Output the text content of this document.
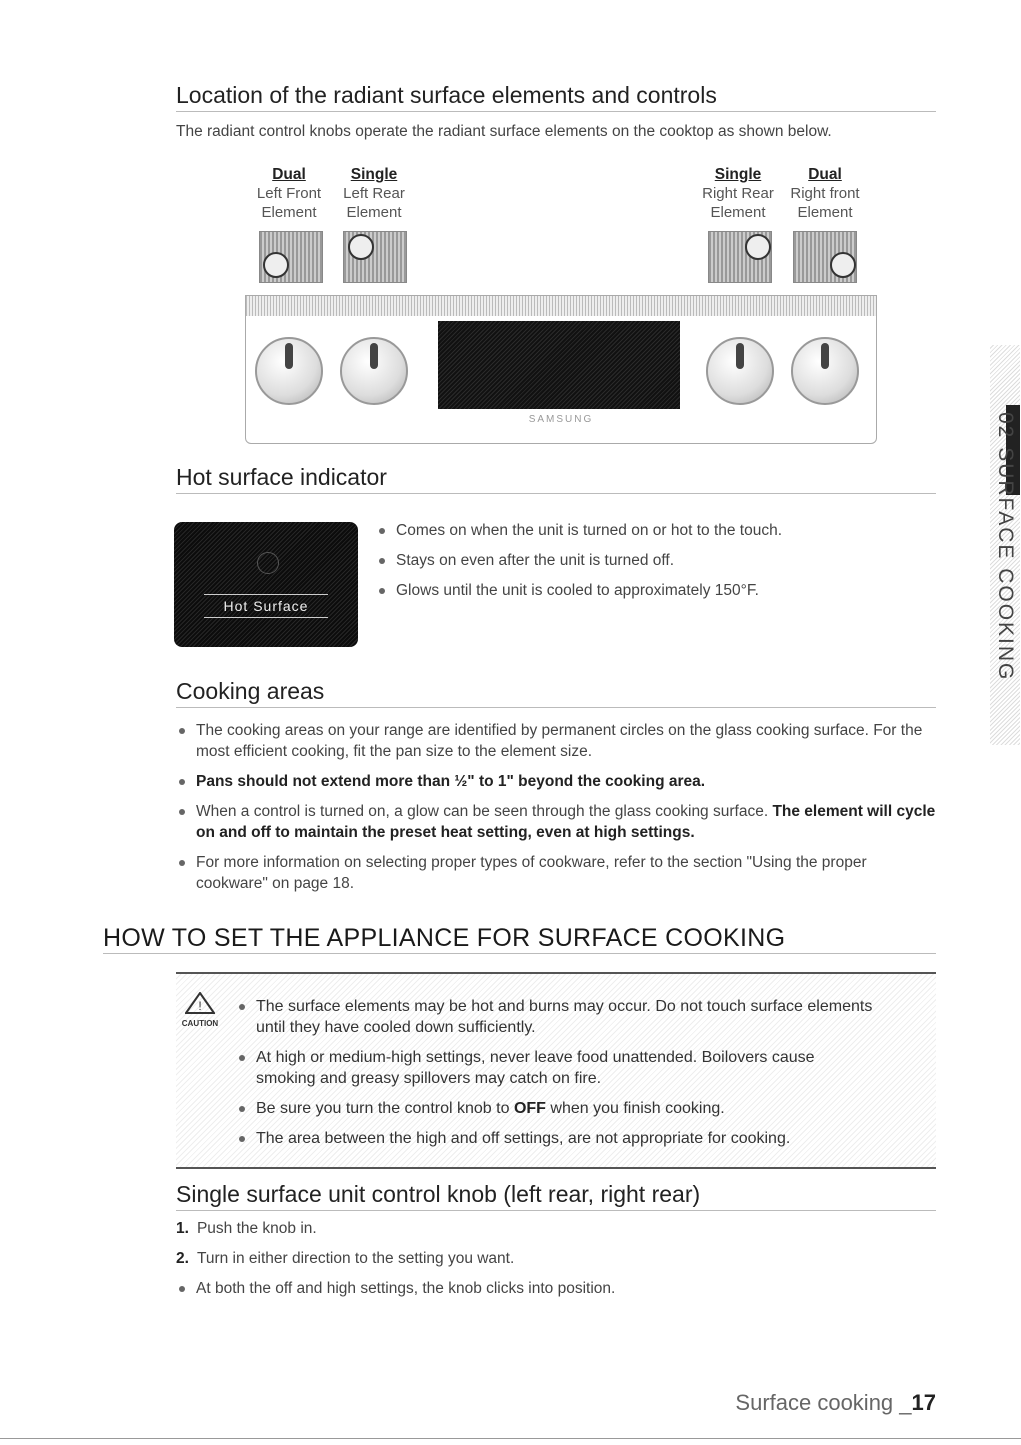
Location of the radiant surface elements and controls
The radiant control knobs operate the radiant surface elements on the cooktop as shown below.
Dual
Left Front
Element
Single
Left Rear
Element
Single
Right Rear
Element
Dual
Right front
Element
SAMSUNG
Hot surface indicator
Hot Surface
Comes on when the unit is turned on or hot to the touch.
Stays on even after the unit is turned off.
Glows until the unit is cooled to approximately 150°F.
Cooking areas
The cooking areas on your range are identified by permanent circles on the glass cooking surface. For the most efficient cooking, fit the pan size to the element size.
Pans should not extend more than ½" to 1" beyond the cooking area.
When a control is turned on, a glow can be seen through the glass cooking surface. The element will cycle on and off to maintain the preset heat setting, even at high settings.
For more information on selecting proper types of cookware, refer to the section "Using the proper cookware" on page 18.
HOW TO SET THE APPLIANCE FOR SURFACE COOKING
!
CAUTION
The surface elements may be hot and burns may occur. Do not touch surface elements until they have cooled down sufficiently.
At high or medium-high settings, never leave food unattended. Boilovers cause smoking and greasy spillovers may catch on fire.
Be sure you turn the control knob to OFF when you finish cooking.
The area between the high and off settings, are not appropriate for cooking.
Single surface unit control knob (left rear, right rear)
1. Push the knob in.
2. Turn in either direction to the setting you want.
At both the off and high settings, the knob clicks into position.
02 SURFACE COOKING
Surface cooking _17
